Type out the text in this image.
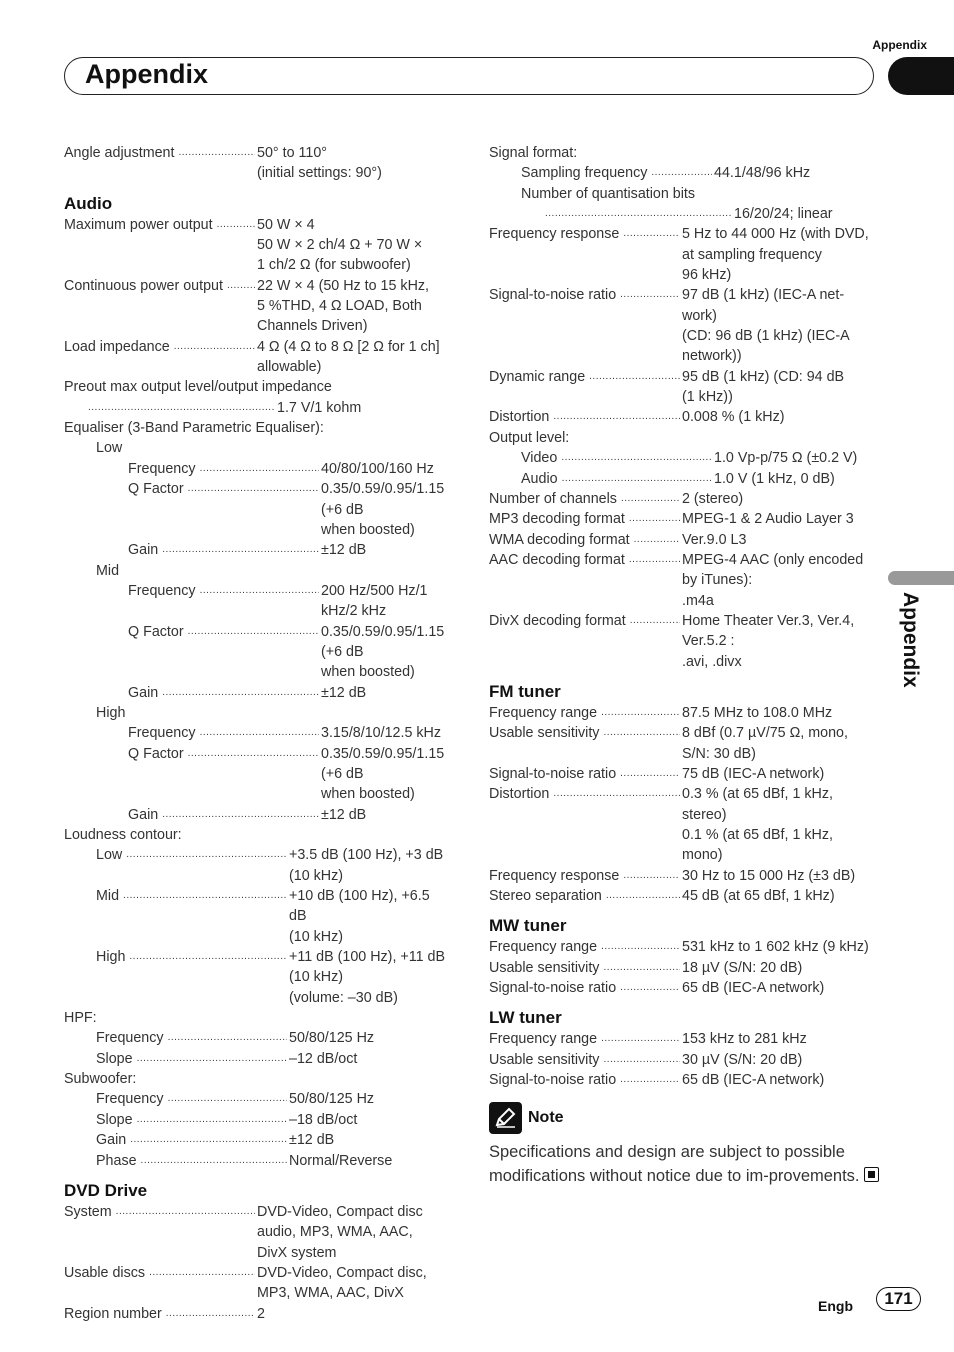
Appendix
Appendix
Appendix
Angle adjustment .....	50° to 110°
(initial settings: 90°)
Audio
Maximum power output .....	50 W × 4
50 W × 2 ch/4 Ω + 70 W ×
1 ch/2 Ω (for subwoofer)
Continuous power output ..... 22 W × 4 (50 Hz to 15 kHz,
5 %THD, 4 Ω LOAD, Both
Channels Driven)
Load impedance .....	4 Ω (4 Ω to 8 Ω [2 Ω for 1 ch]
allowable)
Preout max output level/output impedance
.....
1.7 V/1 kohm
Equaliser (3-Band Parametric Equaliser):
Low
Frequency .....	40/80/100/160 Hz
Q Factor .....	0.35/0.59/0.95/1.15 (+6 dB
when boosted)
Gain .....	±12 dB
Mid
Frequency .....	200 Hz/500 Hz/1 kHz/2 kHz
Q Factor .....	0.35/0.59/0.95/1.15 (+6 dB
when boosted)
Gain .....	±12 dB
High
Frequency .....	3.15/8/10/12.5 kHz
Q Factor .....	0.35/0.59/0.95/1.15 (+6 dB
when boosted)
Gain .....	±12 dB
Loudness contour:
Low .....	+3.5 dB (100 Hz), +3 dB
(10 kHz)
Mid .....	+10 dB (100 Hz), +6.5 dB
(10 kHz)
High .....	+11 dB (100 Hz), +11 dB
(10 kHz)
(volume: –30 dB)
HPF:
Frequency .....	50/80/125 Hz
Slope .....	–12 dB/oct
Subwoofer:
Frequency .....	50/80/125 Hz
Slope .....	–18 dB/oct
Gain .....	±12 dB
Phase .....	Normal/Reverse
DVD Drive
System .....	DVD-Video, Compact disc
audio, MP3, WMA, AAC,
DivX system
Usable discs .....	DVD-Video, Compact disc,
MP3, WMA, AAC, DivX
Region number .....	2
Signal format:
Sampling frequency .....	44.1/48/96 kHz
Number of quantisation bits
.....
16/20/24; linear
Frequency response .....	5 Hz to 44 000 Hz (with DVD,
at sampling frequency
96 kHz)
Signal-to-noise ratio .....	97 dB (1 kHz) (IEC-A net-
work)
(CD: 96 dB (1 kHz) (IEC-A
network))
Dynamic range .....	95 dB (1 kHz) (CD: 94 dB
(1 kHz))
Distortion .....	0.008 % (1 kHz)
Output level:
Video .....	1.0 Vp-p/75 Ω (±0.2 V)
Audio .....	1.0 V (1 kHz, 0 dB)
Number of channels .....	2 (stereo)
MP3 decoding format .....	MPEG-1 & 2 Audio Layer 3
WMA decoding format .....	Ver.9.0 L3
AAC decoding format .....	MPEG-4 AAC (only encoded
by iTunes):
.m4a
DivX decoding format .....	Home Theater Ver.3, Ver.4,
Ver.5.2 :
.avi, .divx
FM tuner
Frequency range .....	87.5 MHz to 108.0 MHz
Usable sensitivity .....	8 dBf (0.7 µV/75 Ω, mono,
S/N: 30 dB)
Signal-to-noise ratio .....	75 dB (IEC-A network)
Distortion .....	0.3 % (at 65 dBf, 1 kHz,
stereo)
0.1 % (at 65 dBf, 1 kHz,
mono)
Frequency response .....	30 Hz to 15 000 Hz (±3 dB)
Stereo separation .....	45 dB (at 65 dBf, 1 kHz)
MW tuner
Frequency range .....	531 kHz to 1 602 kHz (9 kHz)
Usable sensitivity .....	18 µV (S/N: 20 dB)
Signal-to-noise ratio .....	65 dB (IEC-A network)
LW tuner
Frequency range .....	153 kHz to 281 kHz
Usable sensitivity .....	30 µV (S/N: 20 dB)
Signal-to-noise ratio .....	65 dB (IEC-A network)
Note
Specifications and design are subject to possible modifications without notice due to im-provements.
Engb	171
